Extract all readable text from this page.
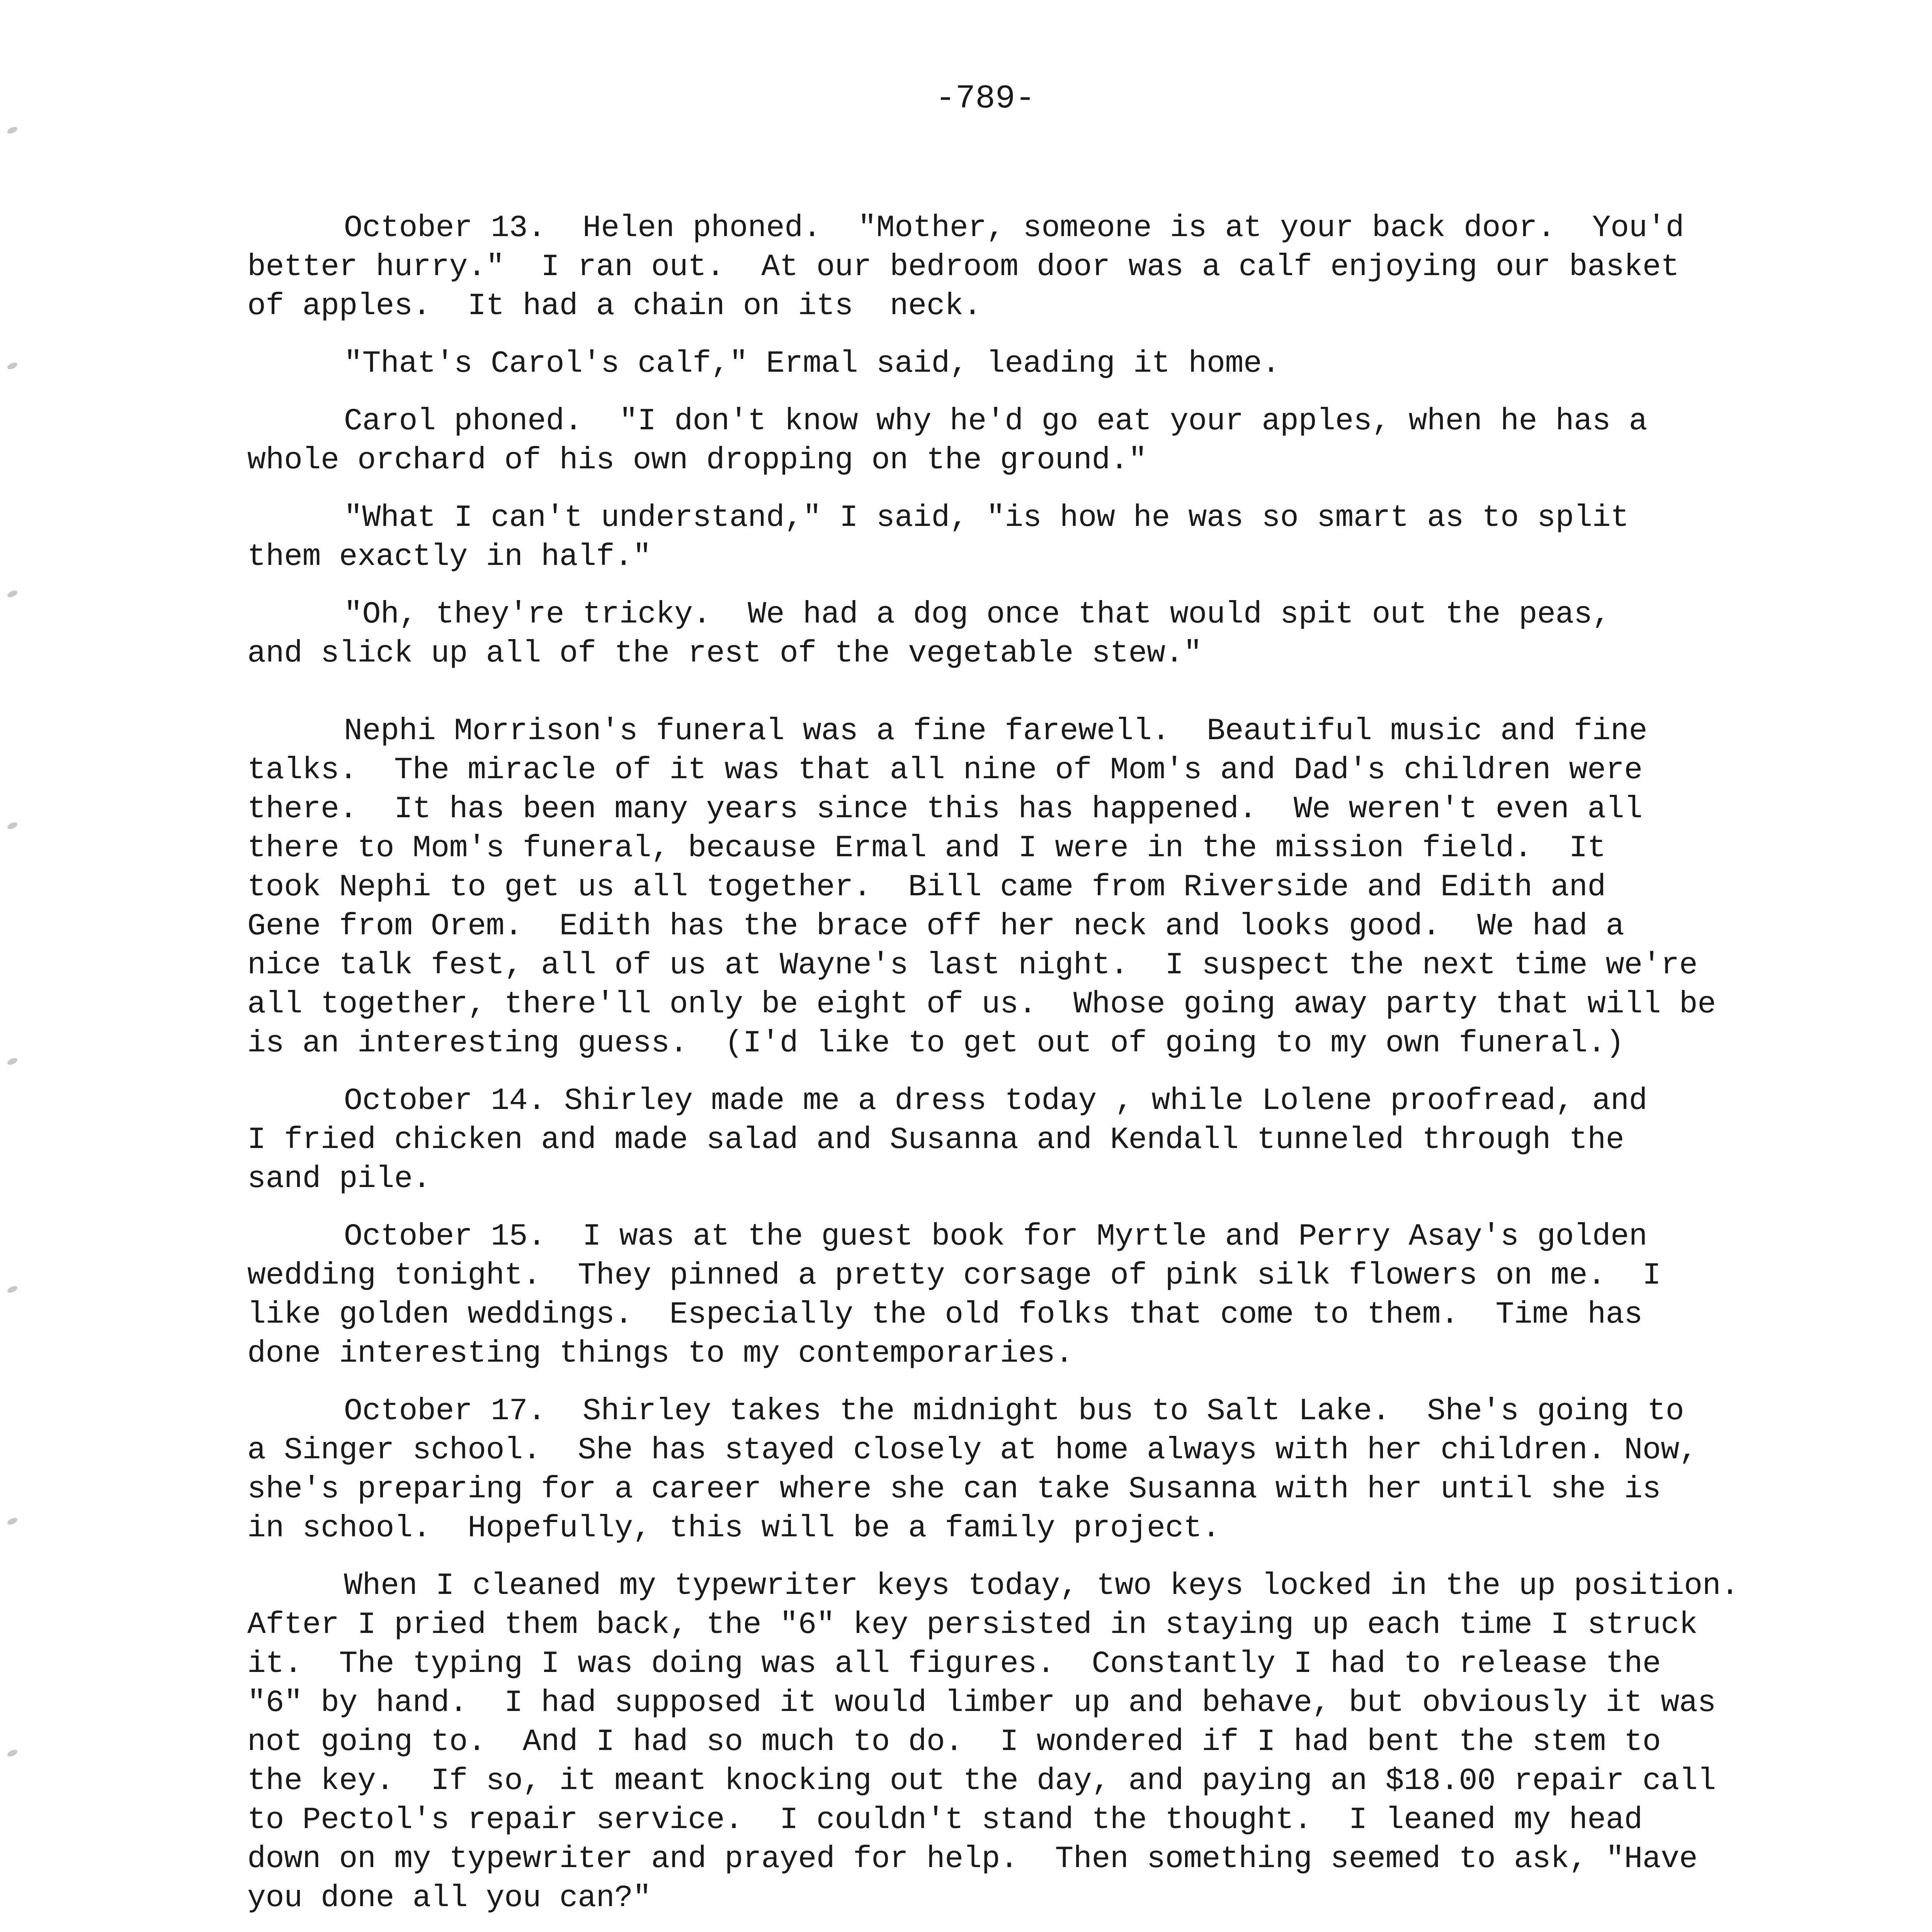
-789-
October 13.  Helen phoned.  "Mother, someone is at your back door.  You'd
better hurry."  I ran out.  At our bedroom door was a calf enjoying our basket
of apples.  It had a chain on its  neck.
"That's Carol's calf," Ermal said, leading it home.
Carol phoned.  "I don't know why he'd go eat your apples, when he has a
whole orchard of his own dropping on the ground."
"What I can't understand," I said, "is how he was so smart as to split
them exactly in half."
"Oh, they're tricky.  We had a dog once that would spit out the peas,
and slick up all of the rest of the vegetable stew."
Nephi Morrison's funeral was a fine farewell.  Beautiful music and fine
talks.  The miracle of it was that all nine of Mom's and Dad's children were
there.  It has been many years since this has happened.  We weren't even all
there to Mom's funeral, because Ermal and I were in the mission field.  It
took Nephi to get us all together.  Bill came from Riverside and Edith and
Gene from Orem.  Edith has the brace off her neck and looks good.  We had a
nice talk fest, all of us at Wayne's last night.  I suspect the next time we're
all together, there'll only be eight of us.  Whose going away party that will be
is an interesting guess.  (I'd like to get out of going to my own funeral.)
October 14. Shirley made me a dress today , while Lolene proofread, and
I fried chicken and made salad and Susanna and Kendall tunneled through the
sand pile.
October 15.  I was at the guest book for Myrtle and Perry Asay's golden
wedding tonight.  They pinned a pretty corsage of pink silk flowers on me.  I
like golden weddings.  Especially the old folks that come to them.  Time has
done interesting things to my contemporaries.
October 17.  Shirley takes the midnight bus to Salt Lake.  She's going to
a Singer school.  She has stayed closely at home always with her children. Now,
she's preparing for a career where she can take Susanna with her until she is
in school.  Hopefully, this will be a family project.
When I cleaned my typewriter keys today, two keys locked in the up position.
After I pried them back, the "6" key persisted in staying up each time I struck
it.  The typing I was doing was all figures.  Constantly I had to release the
"6" by hand.  I had supposed it would limber up and behave, but obviously it was
not going to.  And I had so much to do.  I wondered if I had bent the stem to
the key.  If so, it meant knocking out the day, and paying an $18.00 repair call
to Pectol's repair service.  I couldn't stand the thought.  I leaned my head
down on my typewriter and prayed for help.  Then something seemed to ask, "Have
you done all you can?"
